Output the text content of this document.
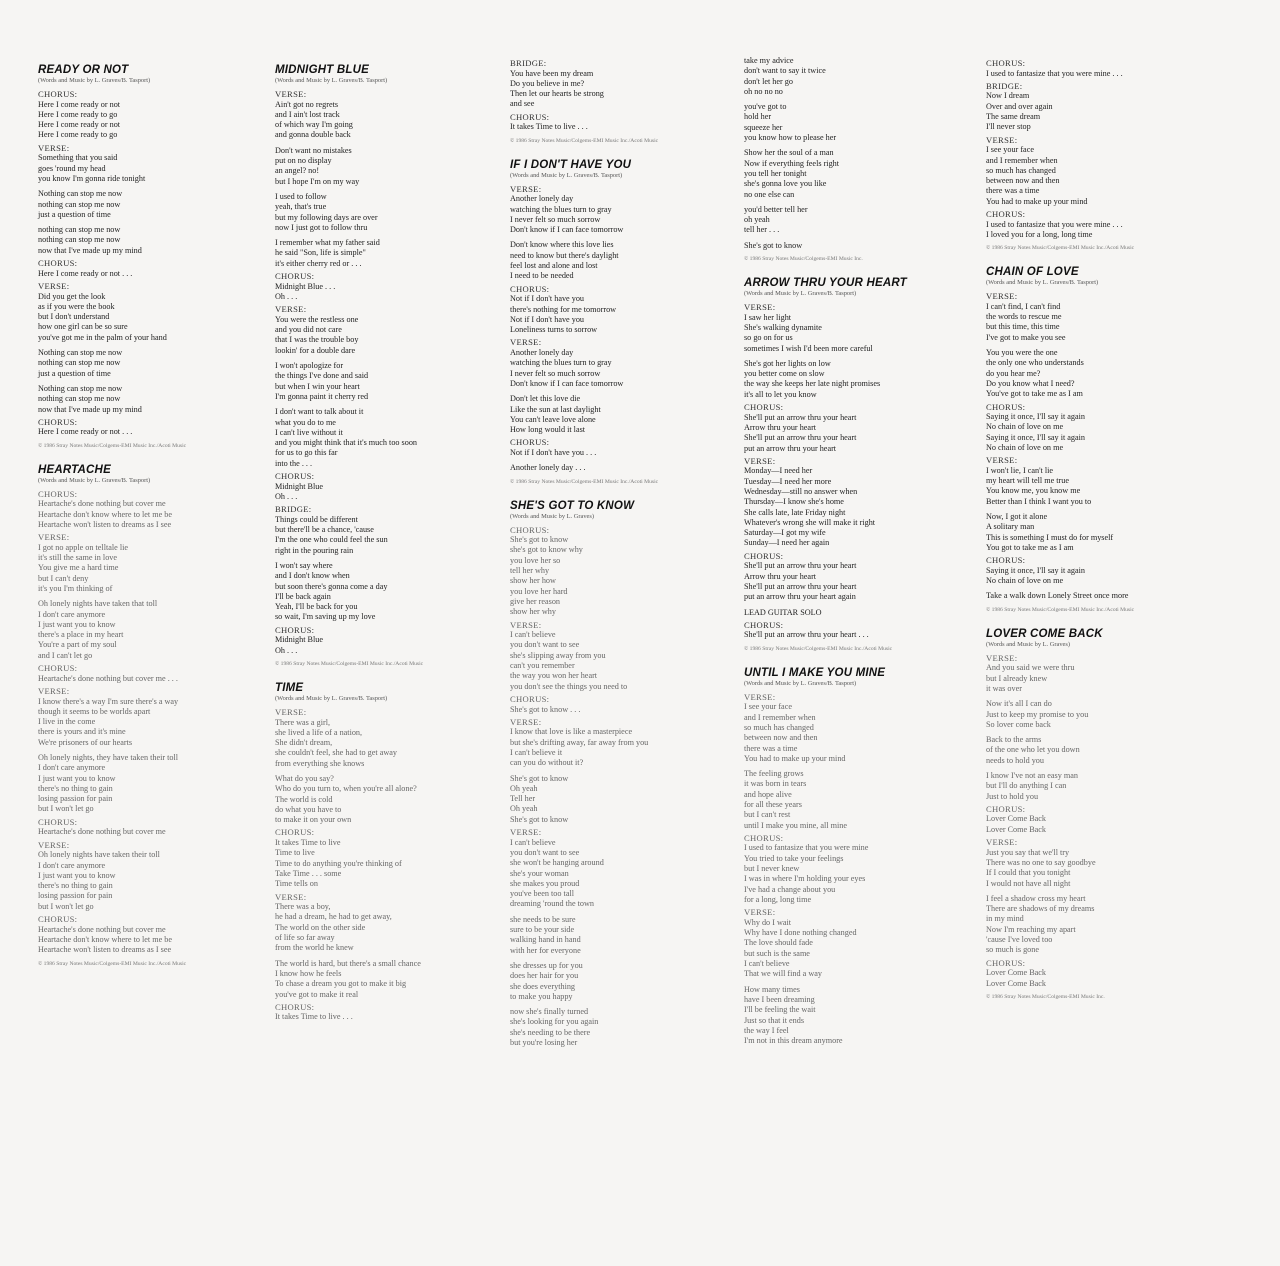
READY OR NOT
(Words and Music by L. Graves/B. Tasport)
CHORUS:
Here I come ready or not
Here I come ready to go
Here I come ready or not
Here I come ready to go
VERSE:
Something that you said
goes 'round my head
you know I'm gonna ride tonight
Nothing can stop me now
nothing can stop me now
just a question of time
nothing can stop me now
nothing can stop me now
now that I've made up my mind
CHORUS:
Here I come ready or not . . .
VERSE:
Did you get the look
as if you were the book
but I don't understand
how one girl can be so sure
you've got me in the palm of your hand
Nothing can stop me now
nothing can stop me now
just a question of time
Nothing can stop me now
nothing can stop me now
now that I've made up my mind
CHORUS:
Here I come ready or not . . .
© 1986 Stray Notes Music/Colgems-EMI Music Inc./Acoti Music
HEARTACHE
(Words and Music by L. Graves/B. Tasport)
CHORUS:
Heartache's done nothing but cover me
Heartache don't know where to let me be
Heartache won't listen to dreams as I see
VERSE:
I got no apple on telltale lie
it's still the same in love
You give me a hard time
but I can't deny
it's you I'm thinking of
Oh lonely nights have taken that toll
I don't care anymore
I just want you to know
there's a place in my heart
You're a part of my soul
and I can't let go
CHORUS:
Heartache's done nothing but cover me . . .
VERSE:
I know there's a way I'm sure there's a way
though it seems to be worlds apart
I live in the come
there is yours and it's mine
We're prisoners of our hearts
Oh lonely nights, they have taken their toll
I don't care anymore
I just want you to know
there's no thing to gain
losing passion for pain
but I won't let go
CHORUS:
Heartache's done nothing but cover me
VERSE:
Oh lonely nights have taken their toll
I don't care anymore
I just want you to know
there's no thing to gain
losing passion for pain
but I won't let go
CHORUS:
Heartache's done nothing but cover me
Heartache don't know where to let me be
Heartache won't listen to dreams as I see
© 1986 Stray Notes Music/Colgems-EMI Music Inc./Acoti Music
MIDNIGHT BLUE
(Words and Music by L. Graves/B. Tasport)
VERSE:
Ain't got no regrets
and I ain't lost track
of which way I'm going
and gonna double back
Don't want no mistakes
put on no display
an angel? no!
but I hope I'm on my way
I used to follow
yeah, that's true
but my following days are over
now I just got to follow thru
I remember what my father said
he said "Son, life is simple"
it's either cherry red or . . .
CHORUS:
Midnight Blue . . .
Oh . . .
VERSE:
You were the restless one
and you did not care
that I was the trouble boy
lookin' for a double dare
I won't apologize for
the things I've done and said
but when I win your heart
I'm gonna paint it cherry red
I don't want to talk about it
what you do to me
I can't live without it
and you might think that it's much too soon
for us to go this far
into the . . .
CHORUS:
Midnight Blue
Oh . . .
BRIDGE:
Things could be different
but there'll be a chance, 'cause
I'm the one who could feel the sun
right in the pouring rain
I won't say where
and I don't know when
but soon there's gonna come a day
I'll be back again
Yeah, I'll be back for you
so wait, I'm saving up my love
CHORUS:
Midnight Blue
Oh . . .
© 1986 Stray Notes Music/Colgems-EMI Music Inc./Acoti Music
TIME
(Words and Music by L. Graves/B. Tasport)
VERSE:
There was a girl,
she lived a life of a nation,
She didn't dream,
she couldn't feel, she had to get away
from everything she knows
What do you say?
Who do you turn to, when you're all alone?
The world is cold
do what you have to
to make it on your own
CHORUS:
It takes Time to live
Time to live
Time to do anything you're thinking of
Take Time . . . some
Time tells on
VERSE:
There was a boy,
he had a dream, he had to get away,
The world on the other side
of life so far away
from the world he knew
The world is hard, but there's a small chance
I know how he feels
To chase a dream you got to make it big
you've got to make it real
CHORUS:
It takes Time to live . . .
BRIDGE:
You have been my dream
Do you believe in me?
Then let our hearts be strong
and see
CHORUS:
It takes Time to live . . .
© 1986 Stray Notes Music/Colgems-EMI Music Inc./Acoti Music
IF I DON'T HAVE YOU
(Words and Music by L. Graves/B. Tasport)
VERSE:
Another lonely day
watching the blues turn to gray
I never felt so much sorrow
Don't know if I can face tomorrow
Don't know where this love lies
need to know but there's daylight
feel lost and alone and lost
I need to be needed
CHORUS:
Not if I don't have you
there's nothing for me tomorrow
Not if I don't have you
Loneliness turns to sorrow
VERSE:
Another lonely day
watching the blues turn to gray
I never felt so much sorrow
Don't know if I can face tomorrow
Don't let this love die
Like the sun at last daylight
You can't leave love alone
How long would it last
CHORUS:
Not if I don't have you . . .
Another lonely day . . .
© 1986 Stray Notes Music/Colgems-EMI Music Inc./Acoti Music
SHE'S GOT TO KNOW
(Words and Music by L. Graves)
CHORUS:
She's got to know
she's got to know why
you love her so
tell her why
show her how
you love her hard
give her reason
show her why
VERSE:
I can't believe
you don't want to see
she's slipping away from you
can't you remember
the way you won her heart
you don't see the things you need to
CHORUS:
She's got to know . . .
VERSE:
I know that love is like a masterpiece
but she's drifting away, far away from you
I can't believe it
can you do without it?
She's got to know
Oh yeah
Tell her
Oh yeah
She's got to know
VERSE:
I can't believe
you don't want to see
she won't be hanging around
she's your woman
she makes you proud
you've been too tall
dreaming 'round the town
she needs to be sure
sure to be your side
walking hand in hand
with her for everyone
she dresses up for you
does her hair for you
she does everything
to make you happy
now she's finally turned
she's looking for you again
she's needing to be there
but you're losing her
take my advice
don't want to say it twice
don't let her go
oh no no no
you've got to
hold her
squeeze her
you know how to please her
Show her the soul of a man
Now if everything feels right
you tell her tonight
she's gonna love you like
no one else can
you'd better tell her
oh yeah
tell her . . .
She's got to know
© 1986 Stray Notes Music/Colgems-EMI Music Inc.
ARROW THRU YOUR HEART
(Words and Music by L. Graves/B. Tasport)
VERSE:
I saw her light
She's walking dynamite
so go on for us
sometimes I wish I'd been more careful
She's got her lights on low
you better come on slow
the way she keeps her late night promises
it's all to let you know
CHORUS:
She'll put an arrow thru your heart
Arrow thru your heart
She'll put an arrow thru your heart
put an arrow thru your heart
VERSE:
Monday—I need her
Tuesday—I need her more
Wednesday—still no answer when
Thursday—I know she's home
She calls late, late Friday night
Whatever's wrong she will make it right
Saturday—I got my wife
Sunday—I need her again
CHORUS:
She'll put an arrow thru your heart
Arrow thru your heart
She'll put an arrow thru your heart
put an arrow thru your heart again
LEAD GUITAR SOLO
CHORUS:
She'll put an arrow thru your heart . . .
© 1986 Stray Notes Music/Colgems-EMI Music Inc./Acoti Music
UNTIL I MAKE YOU MINE
(Words and Music by L. Graves/B. Tasport)
VERSE:
I see your face
and I remember when
so much has changed
between now and then
there was a time
You had to make up your mind
The feeling grows
it was born in tears
and hope alive
for all these years
but I can't rest
until I make you mine, all mine
CHORUS:
I used to fantasize that you were mine
You tried to take your feelings
but I never knew
I was in where I'm holding your eyes
I've had a change about you
for a long, long time
VERSE:
Why do I wait
Why have I done nothing changed
The love should fade
but such is the same
I can't believe
That we will find a way
How many times
have I been dreaming
I'll be feeling the wait
Just so that it ends
the way I feel
I'm not in this dream anymore
CHORUS:
I used to fantasize that you were mine . . .
BRIDGE:
Now I dream
Over and over again
The same dream
I'll never stop
VERSE:
I see your face
and I remember when
so much has changed
between now and then
there was a time
You had to make up your mind
CHORUS:
I used to fantasize that you were mine . . .
I loved you for a long, long time
© 1986 Stray Notes Music/Colgems-EMI Music Inc./Acoti Music
CHAIN OF LOVE
(Words and Music by L. Graves/B. Tasport)
VERSE:
I can't find, I can't find
the words to rescue me
but this time, this time
I've got to make you see
You you were the one
the only one who understands
do you hear me?
Do you know what I need?
You've got to take me as I am
CHORUS:
Saying it once, I'll say it again
No chain of love on me
Saying it once, I'll say it again
No chain of love on me
VERSE:
I won't lie, I can't lie
my heart will tell me true
You know me, you know me
Better than I think I want you to
Now, I got it alone
A solitary man
This is something I must do for myself
You got to take me as I am
CHORUS:
Saying it once, I'll say it again
No chain of love on me
Take a walk down Lonely Street once more
© 1986 Stray Notes Music/Colgems-EMI Music Inc./Acoti Music
LOVER COME BACK
(Words and Music by L. Graves)
VERSE:
And you said we were thru
but I already knew
it was over
Now it's all I can do
Just to keep my promise to you
So lover come back
Back to the arms
of the one who let you down
needs to hold you
I know I've not an easy man
but I'll do anything I can
Just to hold you
CHORUS:
Lover Come Back
Lover Come Back
VERSE:
Just you say that we'll try
There was no one to say goodbye
If I could that you tonight
I would not have all night
I feel a shadow cross my heart
There are shadows of my dreams
in my mind
Now I'm reaching my apart
'cause I've loved too
so much is gone
CHORUS:
Lover Come Back
Lover Come Back
© 1986 Stray Notes Music/Colgems-EMI Music Inc.
